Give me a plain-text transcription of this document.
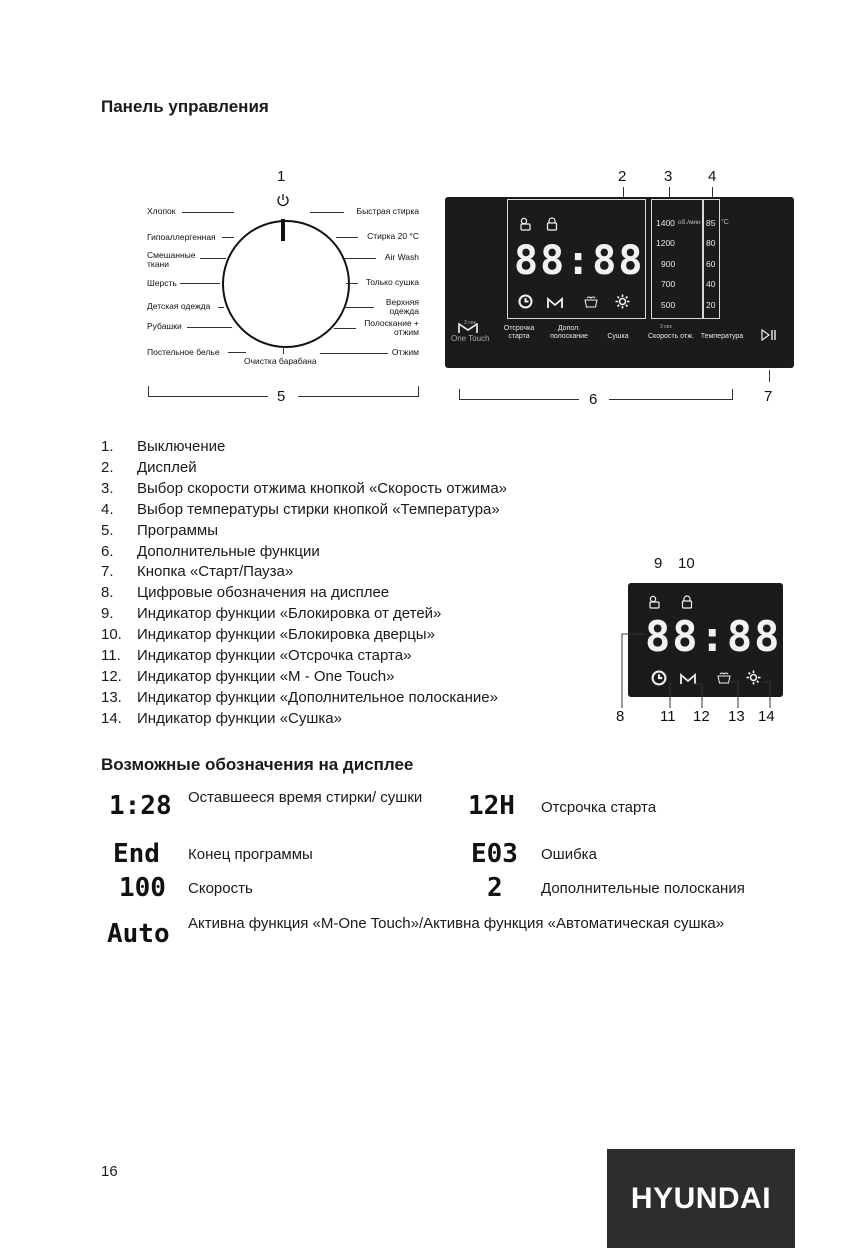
Панель управления
1
Хлопок
Гипоаллергенная
Смешанные
ткани
Шерсть
Детская одежда
Рубашки
Постельное белье
Быстрая стирка
Стирка 20 °C
Air Wash
Только сушка
Верхняя
одежда
Полоскание +
отжим
Отжим
Очистка барабана
5
2	3 4
88:88
1400 об./мин
1200
900
700
500
85 °C
80
60
40
20
3 сек
One Touch
Отсрочка
старта
Допол.
полоскание	Сушка
3 сек
Скорость отж. Температура
7
6
1.	Выключение
2.	Дисплей
3.	Выбор скорости отжима кнопкой «Скорость отжима»
4.	Выбор температуры стирки кнопкой «Температура»
5.	Программы
6.	Дополнительные функции
7.	Кнопка «Старт/Пауза»
8.	Цифровые обозначения на дисплее
9.	Индикатор функции «Блокировка от детей»
10.	Индикатор функции «Блокировка дверцы»
11.	Индикатор функции «Отсрочка старта»
12.	Индикатор функции «M - One Touch»
13.	Индикатор функции «Дополнительное полоскание»
14.	Индикатор функции «Сушка»
9 10
88:88
8 11 12 13 14
Возможные обозначения на дисплее
1:28 Оставшееся время стирки/ сушки	12H Отсрочка старта
End Конец программы	E03 Ошибка
100 Скорость	2	Дополнительные полоскания
Auto Активна функция «M-One Touch»/Активна функция «Автоматическая сушка»
16
HYUNDAI
